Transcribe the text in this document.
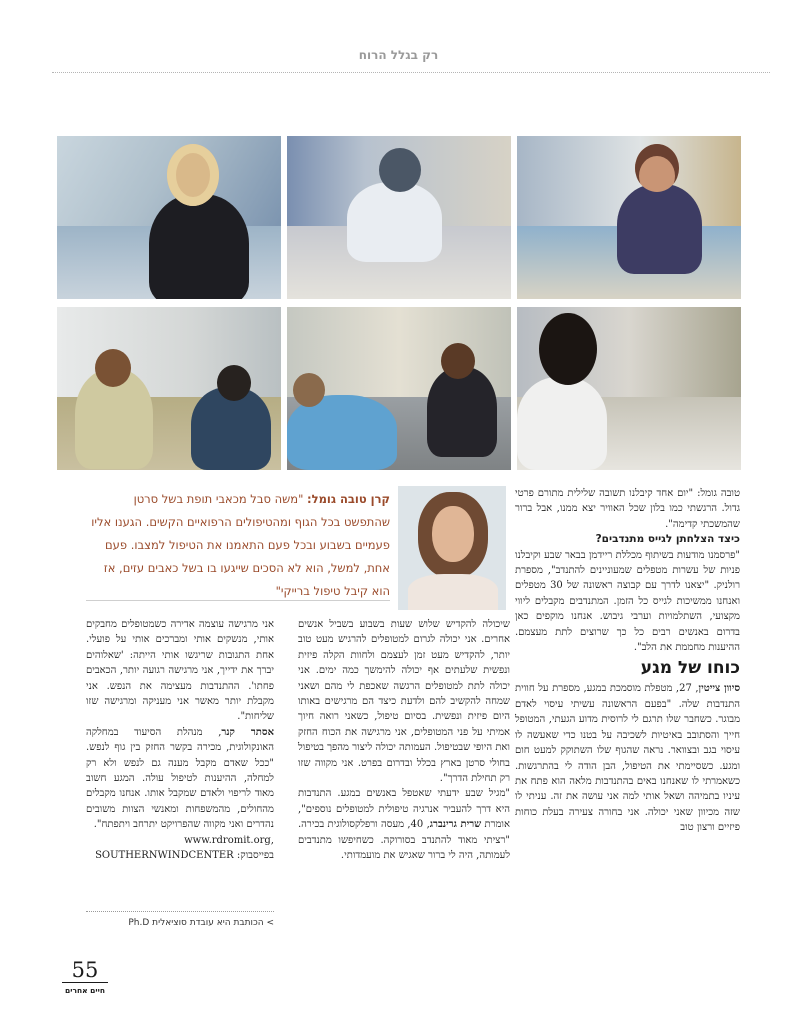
רק בגלל הרוח
קרן טובה גומל: "משה סבל מכאבי תופת בשל סרטן שהתפשט בכל הגוף ומהטיפולים הרפואיים הקשים. הגענו אליו פעמיים בשבוע ובכל פעם התאמנו את הטיפול למצבו. פעם אחת, למשל, הוא לא הסכים שייגעו בו בשל כאבים עזים, אז הוא קיבל טיפול ברייקי"

טובה גומל: "יום אחד קיבלנו תשובה שלילית מתורם פרטי גדול. הרגשתי כמו בלון שכל האוויר יצא ממנו, אבל ברור שהמשכתי קדימה".

כיצד הצלחתן לגייס מתנדבים?

"פרסמנו מודעות בשיתוף מכללת ריידמן בבאר שבע וקיבלנו פניות של עשרות מטפלים שמעוניינים להתנדב", מספרת רולניק. "יצאנו לדרך עם קבוצה ראשונה של 30 מטפלים ואנחנו ממשיכות לגייס כל הזמן. המתנדבים מקבלים ליווי מקצועי, השתלמויות וערבי גיבוש. אנחנו מוקפים כאן בדרום באנשים רבים כל כך שרוצים לתת מעצמם. ההיענות מחממת את הלב".

כוחו של מגע

סיוון צייטין, 27, מטפלת מוסמכת במגע, מספרת על חווית התנדבות שלה. "בפעם הראשונה עשיתי עיסוי לאדם מבוגר. כשחבר שלו תרגם לי לרוסית מדוע הגעתי, המטופל חייך והסתובב באיטיות לשכיבה על בטנו כדי שאעשה לו עיסוי בגב ובצוואר. נראה שהגוף שלו השתוקק למעט חום ומגע. כשסיימתי את הטיפול, הבן הודה לי בהתרגשות. כשאמרתי לו שאנחנו באים בהתנדבות מלאה הוא פתח את עיניו בתמיהה ושאל אותי למה אני עושה את זה. עניתי לו שזה מכיוון שאני יכולה. אני בחורה צעירה בעלת כוחות פיזיים ורצון טוב

שיכולה להקדיש שלוש שעות בשבוע בשביל אנשים אחרים. אני יכולה לגרום למטופלים להרגיש מעט טוב יותר, להקדיש מעט זמן לעצמם ולחוות הקלה פיזית ונפשית שלעתים אף יכולה להימשך כמה ימים. אני יכולה לתת למטופלים הרגשה שאכפת לי מהם ושאני שמחה להקשיב להם ולדעת כיצד הם מרגישים באותו היום פיזית ונפשית. בסיום טיפול, כשאני רואה חיוך אמיתי על פני המטופלים, אני מרגישה את הכוח החזק ואת היופי שבטיפול. העמותה יכולה ליצור מהפך בטיפול בחולי סרטן בארץ בכלל ובדרום בפרט. אני מקווה שזו רק תחילת הדרך".

"מגיל שבע ידעתי שאטפל באנשים במגע. התנדבות היא דרך להעביר אנרגיה טיפולית למטופלים נוספים", אומרת שרית גרינברג, 40, מעסה ורפלקסולוגית בכירה. "רציתי מאוד להתנדב בסורוקה. כשחיפשו מתנדבים לעמותה, היה לי ברור שאגיש את מועמדותי.

אני מרגישה עוצמה אדירה כשמטופלים מחבקים אותי, מנשקים אותי ומברכים אותי על פועלי. אחת התגובות שריגשו אותי הייתה: 'שאלוהים יברך את ידייך, אני מרגישה רגועה יותר, הכאבים פחתו'. ההתנדבות מעצימה את הנפש. אני מקבלת יותר מאשר אני מעניקה ומרגישה שזו שליחות".

אסתר קנר, מנהלת הסיעוד במחלקה האונקולוגית, מכירה בקשר החזק בין גוף לנפש. "ככל שאדם מקבל מענה גם לנפש ולא רק למחלה, ההיענות לטיפול עולה. המגע חשוב מאוד לריפוי ולאדם שמקבל אותו. אנחנו מקבלים מהחולים, מהמשפחות ומאנשי הצוות משובים נהדרים ואני מקווה שהפרויקט יתרחב ויתפתח".

www.rdromit.org,

בפייסבוק: SOUTHERNWINDCENTER

> הכותבת היא עובדת סוציאלית Ph.D
55
חיים אחרים
